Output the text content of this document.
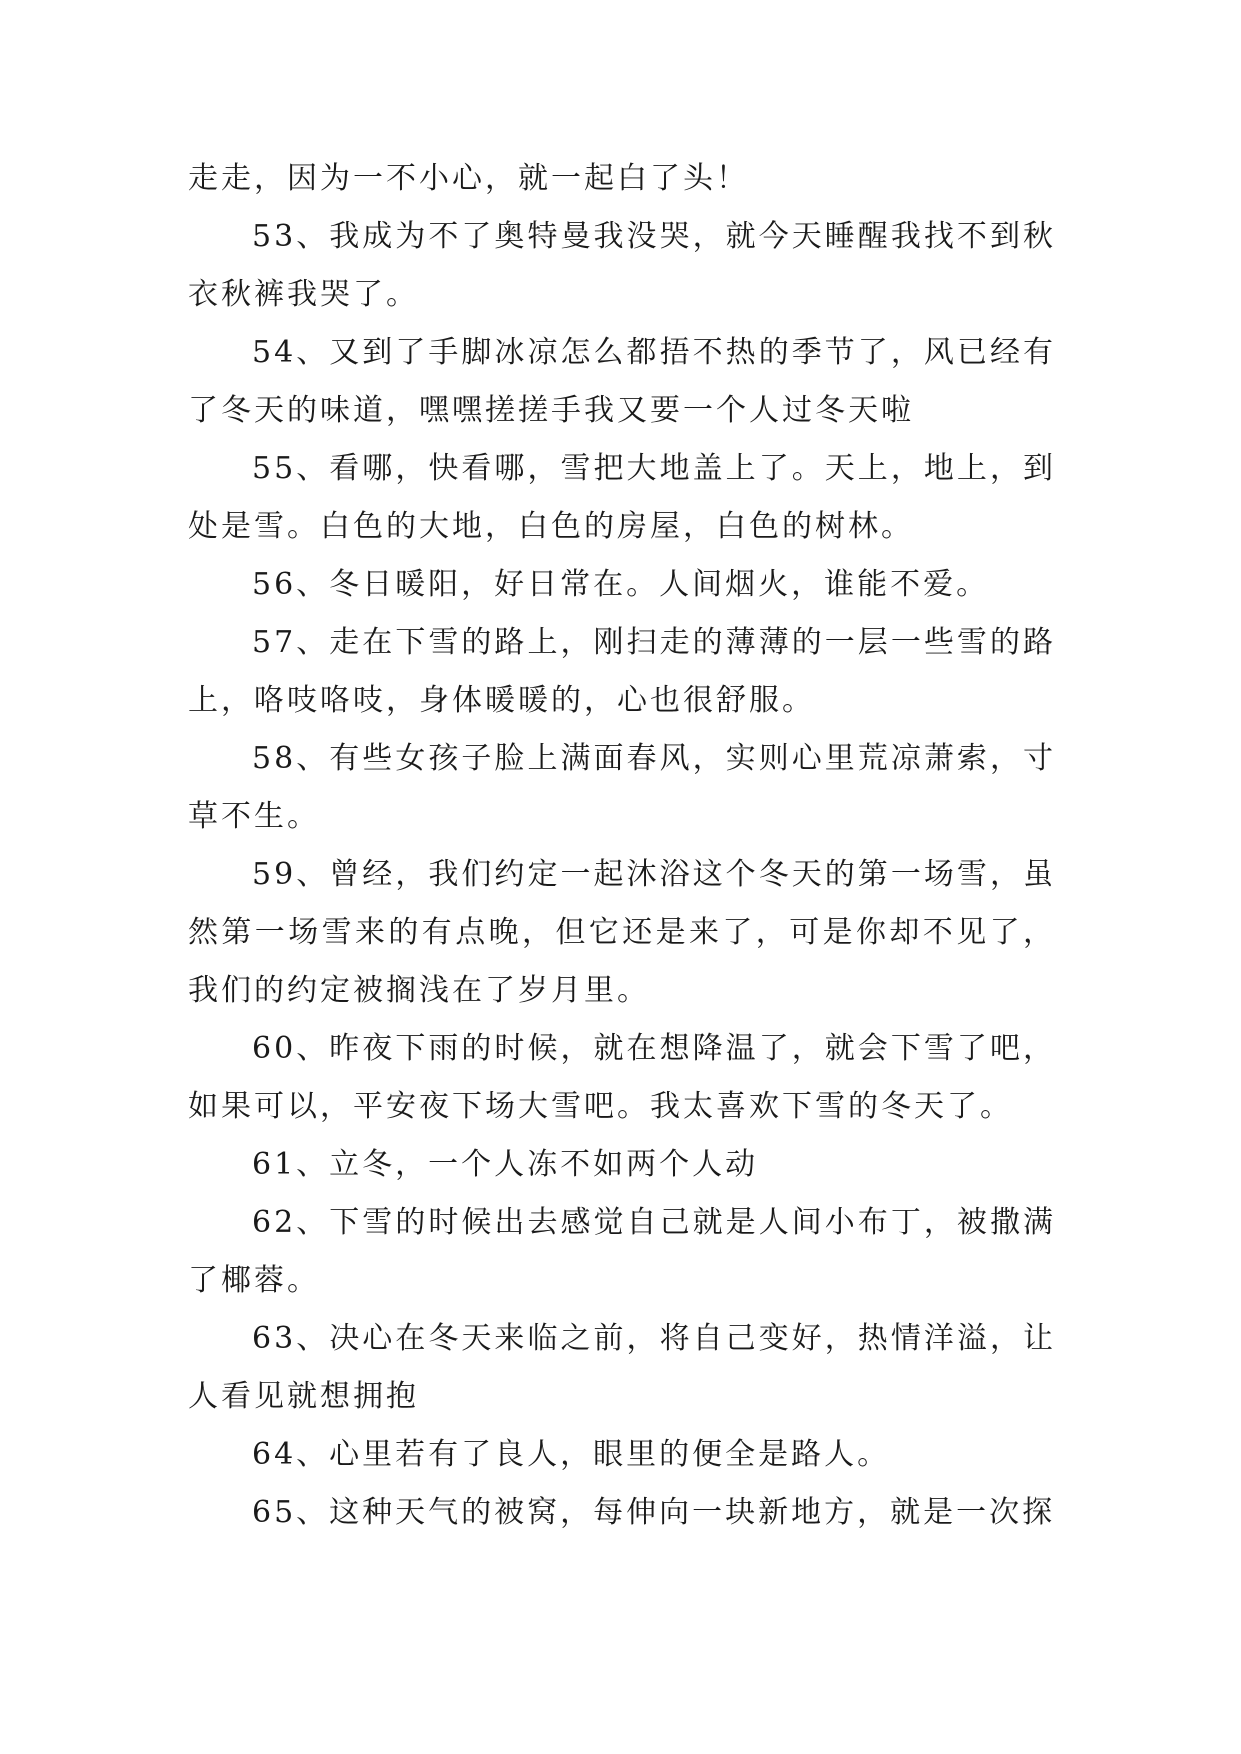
走走，因为一不小心，就一起白了头！

53、我成为不了奥特曼我没哭，就今天睡醒我找不到秋衣秋裤我哭了。

54、又到了手脚冰凉怎么都捂不热的季节了，风已经有了冬天的味道，嘿嘿搓搓手我又要一个人过冬天啦

55、看哪，快看哪，雪把大地盖上了。天上，地上，到处是雪。白色的大地，白色的房屋，白色的树林。

56、冬日暖阳，好日常在。人间烟火，谁能不爱。

57、走在下雪的路上，刚扫走的薄薄的一层一些雪的路上，咯吱咯吱，身体暖暖的，心也很舒服。

58、有些女孩子脸上满面春风，实则心里荒凉萧索，寸草不生。

59、曾经，我们约定一起沐浴这个冬天的第一场雪，虽然第一场雪来的有点晚，但它还是来了，可是你却不见了，我们的约定被搁浅在了岁月里。

60、昨夜下雨的时候，就在想降温了，就会下雪了吧，如果可以，平安夜下场大雪吧。我太喜欢下雪的冬天了。

61、立冬，一个人冻不如两个人动

62、下雪的时候出去感觉自己就是人间小布丁，被撒满了椰蓉。

63、决心在冬天来临之前，将自己变好，热情洋溢，让人看见就想拥抱

64、心里若有了良人，眼里的便全是路人。

65、这种天气的被窝，每伸向一块新地方，就是一次探
